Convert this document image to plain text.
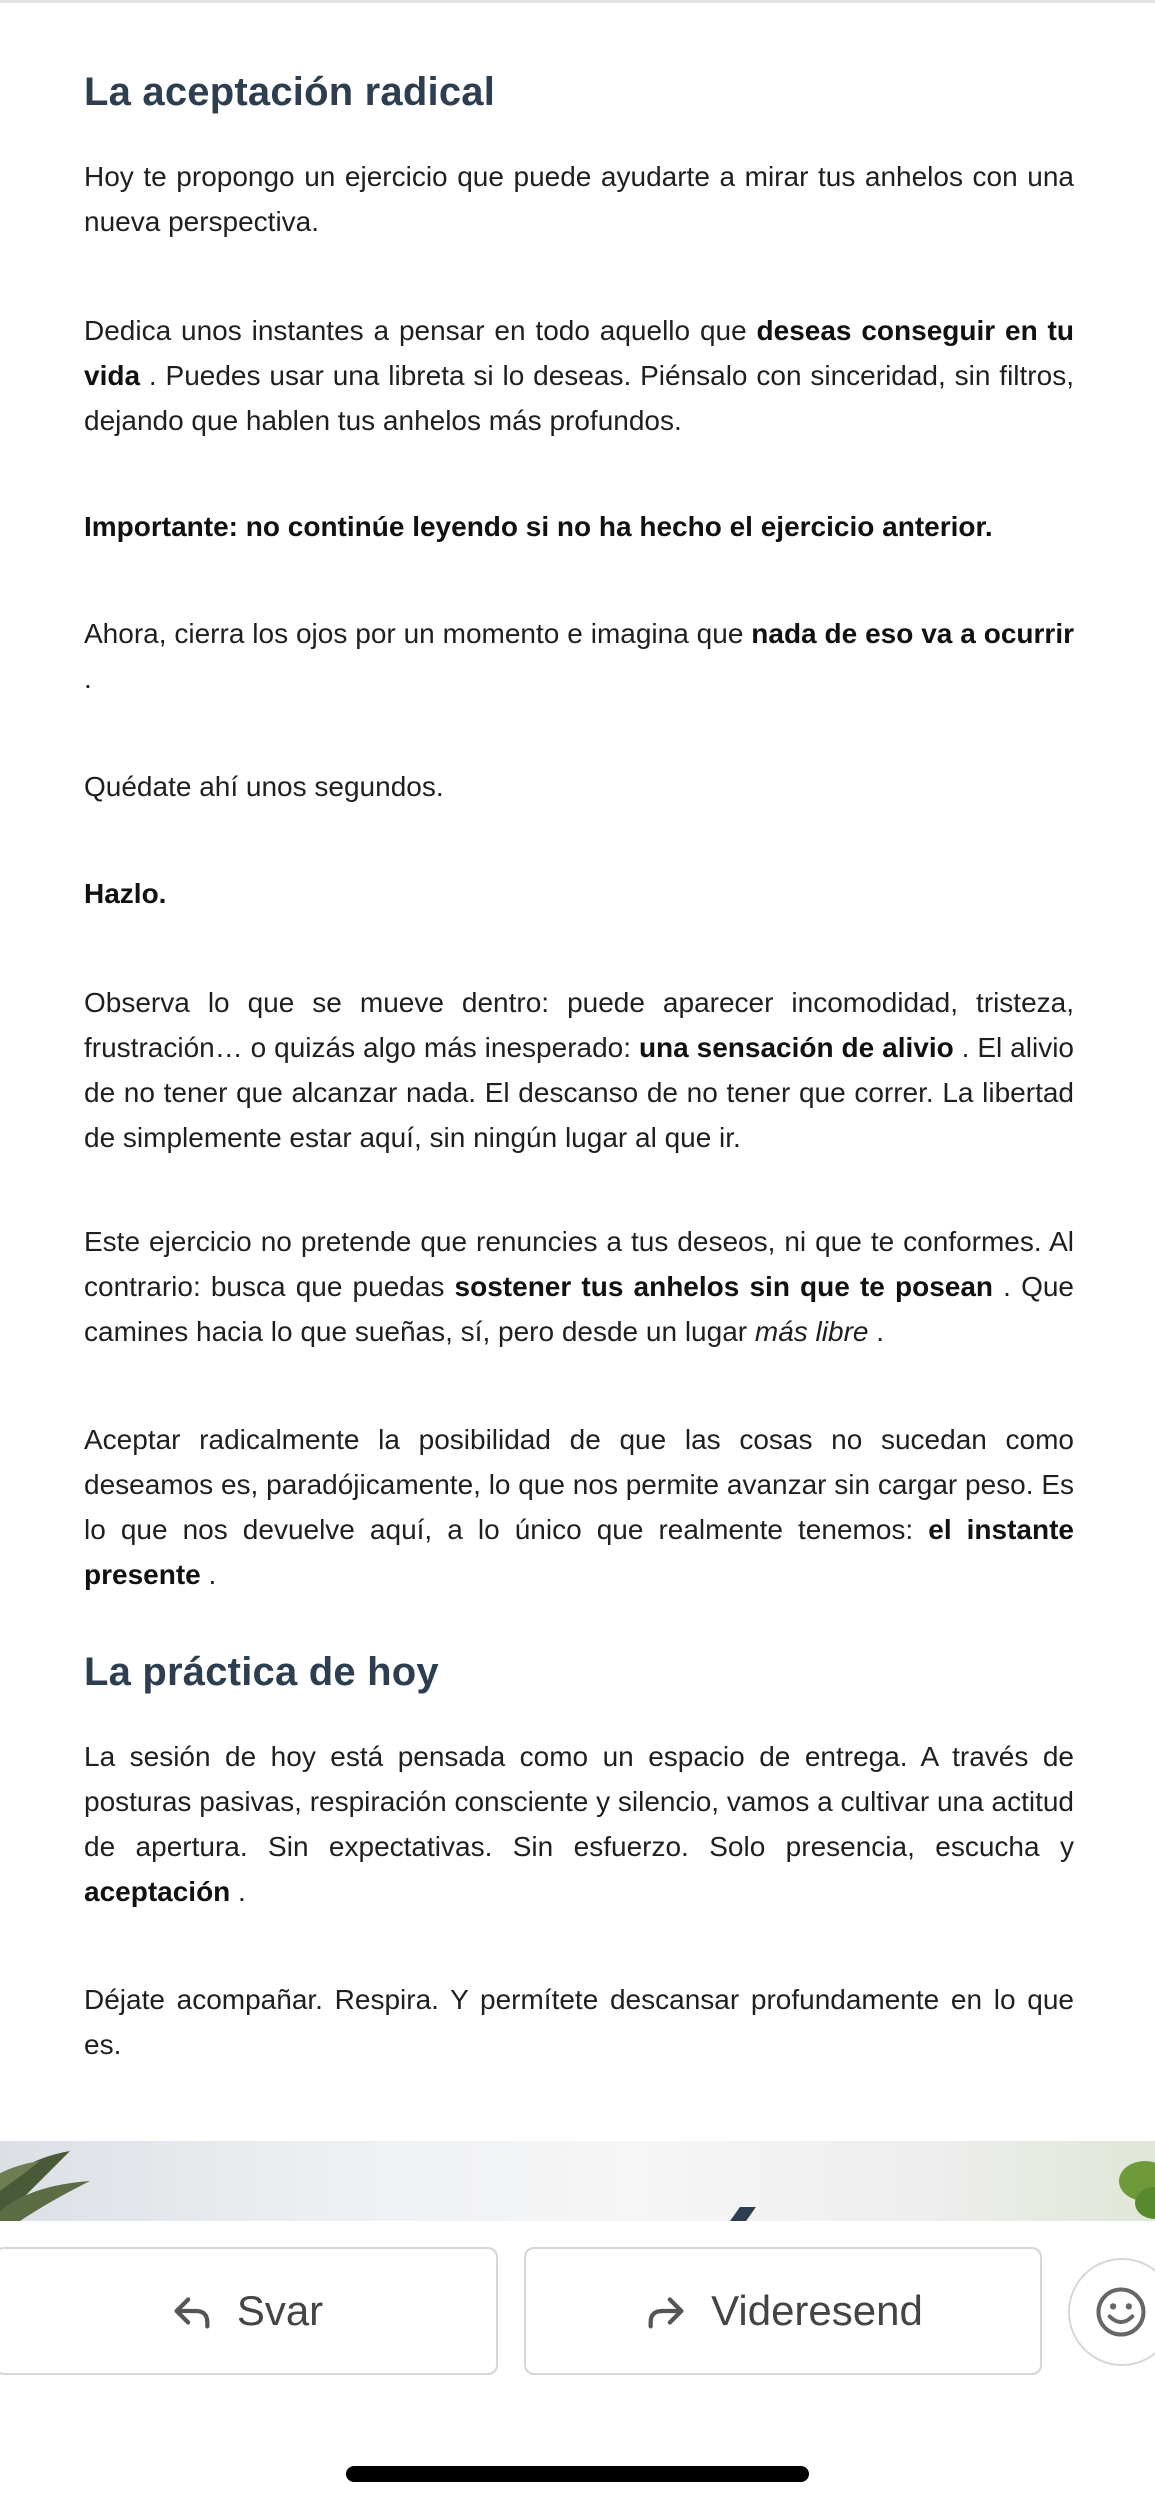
La aceptación radical

Hoy te propongo un ejercicio que puede ayudarte a mirar tus anhelos con una nueva perspectiva.

Dedica unos instantes a pensar en todo aquello que deseas conseguir en tu vida . Puedes usar una libreta si lo deseas. Piénsalo con sinceridad, sin filtros, dejando que hablen tus anhelos más profundos.

Importante: no continúe leyendo si no ha hecho el ejercicio anterior.

Ahora, cierra los ojos por un momento e imagina que nada de eso va a ocurrir .

Quédate ahí unos segundos.

Hazlo.

Observa lo que se mueve dentro: puede aparecer incomodidad, tristeza, frustración… o quizás algo más inesperado: una sensación de alivio . El alivio de no tener que alcanzar nada. El descanso de no tener que correr. La libertad de simplemente estar aquí, sin ningún lugar al que ir.

Este ejercicio no pretende que renuncies a tus deseos, ni que te conformes. Al contrario: busca que puedas sostener tus anhelos sin que te posean . Que camines hacia lo que sueñas, sí, pero desde un lugar más libre .

Aceptar radicalmente la posibilidad de que las cosas no sucedan como deseamos es, paradójicamente, lo que nos permite avanzar sin cargar peso. Es lo que nos devuelve aquí, a lo único que realmente tenemos: el instante presente .

La práctica de hoy

La sesión de hoy está pensada como un espacio de entrega. A través de posturas pasivas, respiración consciente y silencio, vamos a cultivar una actitud de apertura. Sin expectativas. Sin esfuerzo. Solo presencia, escucha y aceptación .

Déjate acompañar. Respira. Y permítete descansar profundamente en lo que es.

Svar	Videresend
